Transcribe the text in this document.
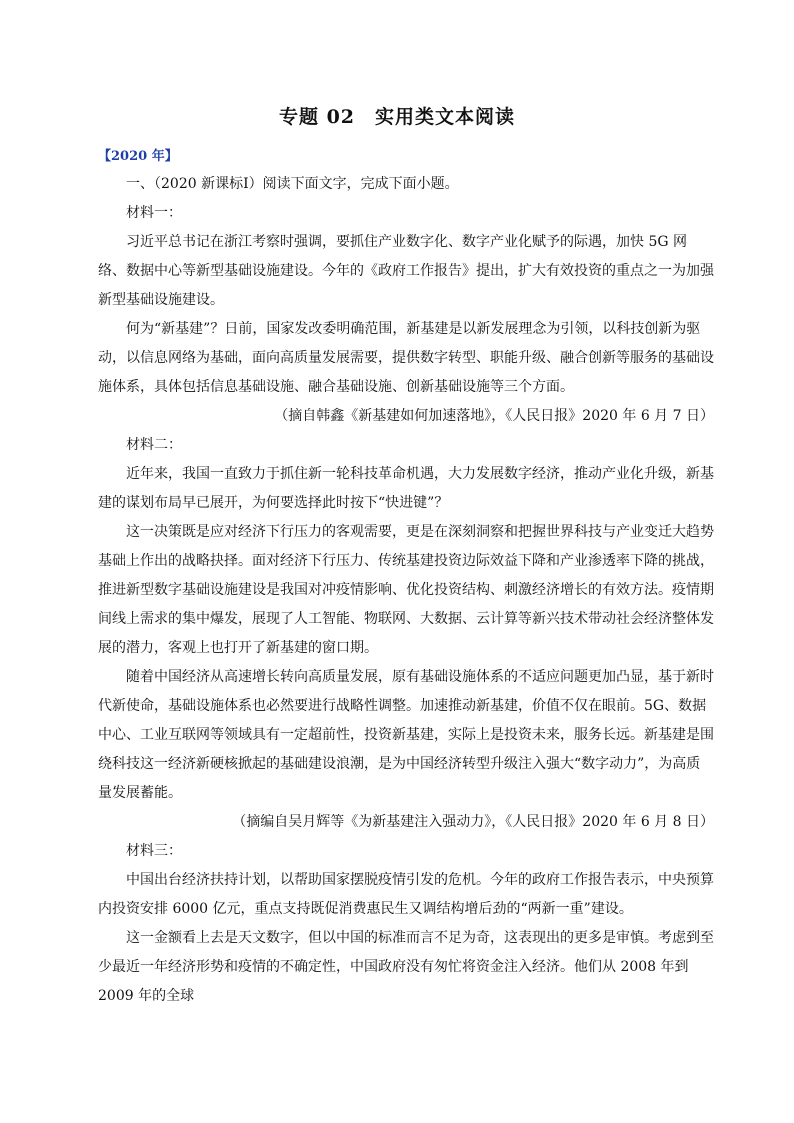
专题 02　实用类文本阅读
【2020 年】

一、（2020 新课标Ⅰ）阅读下面文字，完成下面小题。

材料一：

习近平总书记在浙江考察时强调，要抓住产业数字化、数字产业化赋予的际遇，加快 5G 网络、数据中心等新型基础设施建设。今年的《政府工作报告》提出，扩大有效投资的重点之一为加强新型基础设施建设。

何为“新基建”？日前，国家发改委明确范围，新基建是以新发展理念为引领，以科技创新为驱动，以信息网络为基础，面向高质量发展需要，提供数字转型、职能升级、融合创新等服务的基础设施体系，具体包括信息基础设施、融合基础设施、创新基础设施等三个方面。

（摘自韩鑫《新基建如何加速落地》，《人民日报》2020 年 6 月 7 日）

材料二：

近年来，我国一直致力于抓住新一轮科技革命机遇，大力发展数字经济，推动产业化升级，新基建的谋划布局早已展开，为何要选择此时按下“快进键”？

这一决策既是应对经济下行压力的客观需要，更是在深刻洞察和把握世界科技与产业变迁大趋势基础上作出的战略抉择。面对经济下行压力、传统基建投资边际效益下降和产业渗透率下降的挑战，推进新型数字基础设施建设是我国对冲疫情影响、优化投资结构、刺激经济增长的有效方法。疫情期间线上需求的集中爆发，展现了人工智能、物联网、大数据、云计算等新兴技术带动社会经济整体发展的潜力，客观上也打开了新基建的窗口期。

随着中国经济从高速增长转向高质量发展，原有基础设施体系的不适应问题更加凸显，基于新时代新使命，基础设施体系也必然要进行战略性调整。加速推动新基建，价值不仅在眼前。5G、数据中心、工业互联网等领域具有一定超前性，投资新基建，实际上是投资未来，服务长远。新基建是围绕科技这一经济新硬核掀起的基础建设浪潮，是为中国经济转型升级注入强大“数字动力”，为高质量发展蓄能。

（摘编自吴月辉等《为新基建注入强动力》，《人民日报》2020 年 6 月 8 日）

材料三：

中国出台经济扶持计划，以帮助国家摆脱疫情引发的危机。今年的政府工作报告表示，中央预算内投资安排 6000 亿元，重点支持既促消费惠民生又调结构增后劲的“两新一重”建设。

这一金额看上去是天文数字，但以中国的标准而言不足为奇，这表现出的更多是审慎。考虑到至少最近一年经济形势和疫情的不确定性，中国政府没有匆忙将资金注入经济。他们从 2008 年到 2009 年的全球
